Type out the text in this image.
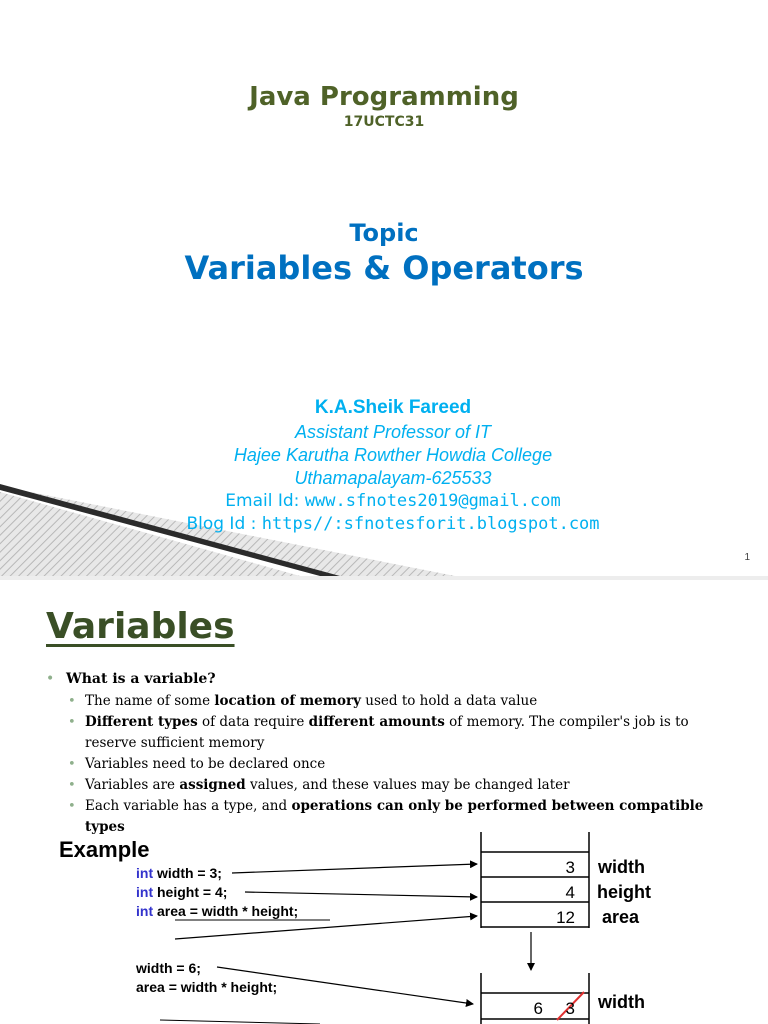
Java Programming
17UCTC31
Topic
Variables & Operators
K.A.Sheik Fareed
Assistant Professor of IT
Hajee Karutha Rowther Howdia College
Uthamapalayam-625533
Email Id: www.sfnotes2019@gmail.com
Blog Id : https//:sfnotesforit.blogspot.com
1
Variables
• What is a variable?
• The name of some location of memory used to hold a data value
• Different types of data require different amounts of memory. The compiler's job is to reserve sufficient memory
• Variables need to be declared once
• Variables are assigned values, and these values may be changed later
• Each variable has a type, and operations can only be performed between compatible types
Example
int width = 3;
int height = 4;
int area = width * height;
width = 6;
area = width * height;
3
4
12
width
height
area
6	3 width
